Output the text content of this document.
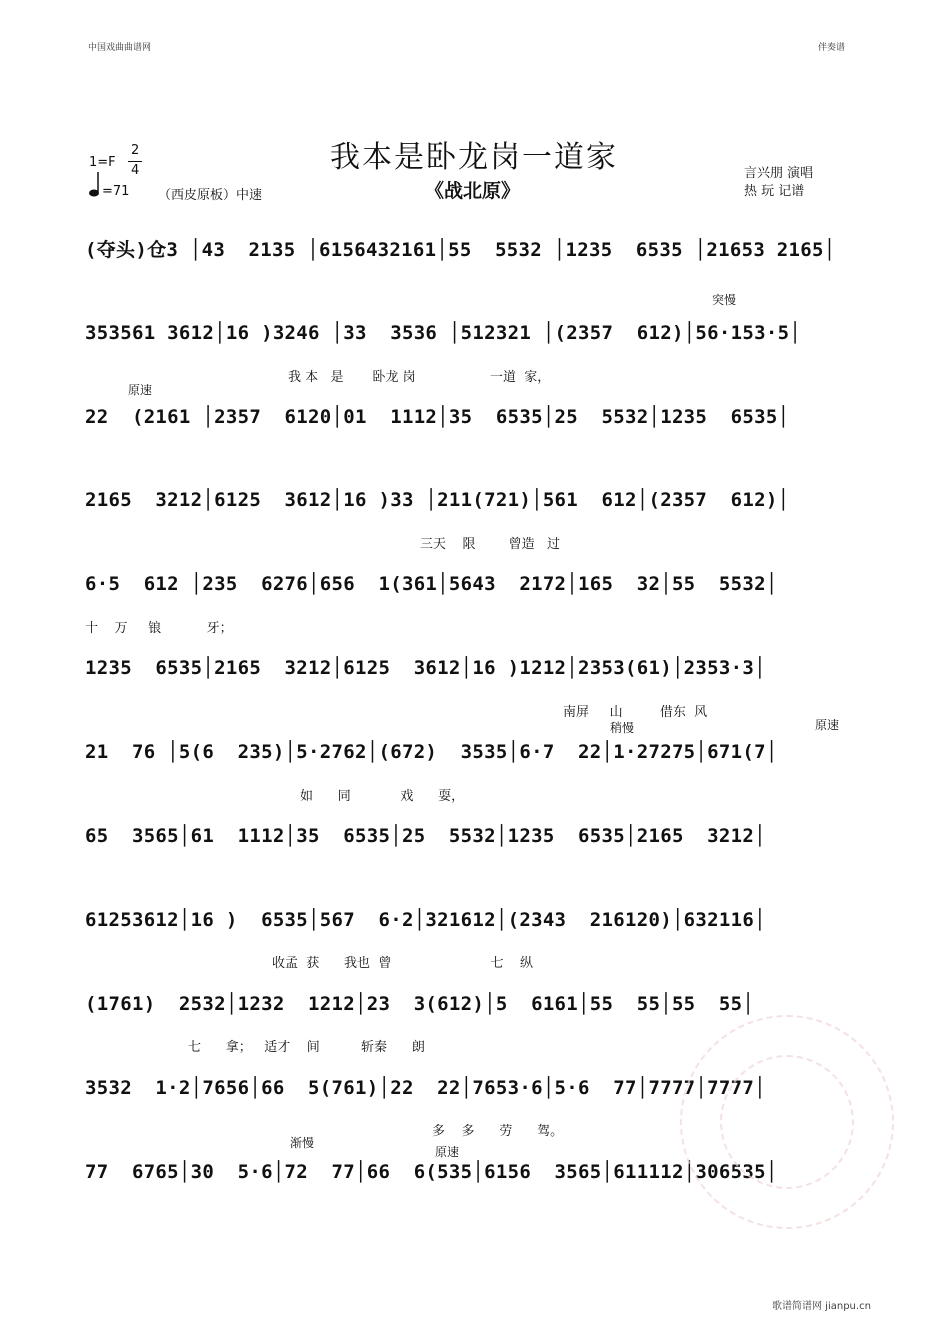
中国戏曲曲谱网	伴奏谱
我本是卧龙岗一道家
《战北原》
1=F
2
4
=71 （西皮原板）中速
言兴朋 演唱
热 玩 记谱
(夺头)仓3 │43  2135 │6156432161│55  5532 │1235  6535 │21653 2165│
353561 3612│16 )3246 │33  3536 │512321 │(2357  612)│56·153·5│
突慢
我 本   是       卧龙 岗                  一道  家，
原速
22  (2161 │2357  6120│01  1112│35  6535│25  5532│1235  6535│
2165  3212│6125  3612│16 )33 │211(721)│561  612│(2357  612)│
三天    限        曾造   过
6·5  612 │235  6276│656  1(361│5643  2172│165  32│55  5532│
十    万     锒           牙；
1235  6535│2165  3212│6125  3612│16 )1212│2353(61)│2353·3│
南屏     山         借东  风
稍慢	原速
21  76 │5(6  235)│5·2762│(672)  3535│6·7  22│1·27275│671(7│
如      同            戏      耍，
65  3565│61  1112│35  6535│25  5532│1235  6535│2165  3212│
61253612│16 )  6535│567  6·2│321612│(2343  216120)│632116│
收孟  获      我也  曾                        七    纵
(1761)  2532│1232  1212│23  3(612)│5  6161│55  55│55  55│
七      拿；   适才    间          斩秦      朗
3532  1·2│7656│66  5(761)│22  22│7653·6│5·6  77│7777│7777│
多    多      劳      驾。
渐慢
原速
77  6765│30  5·6│72  77│66  6(535│6156  3565│611112│306535│
歌谱简谱网 jianpu.cn
